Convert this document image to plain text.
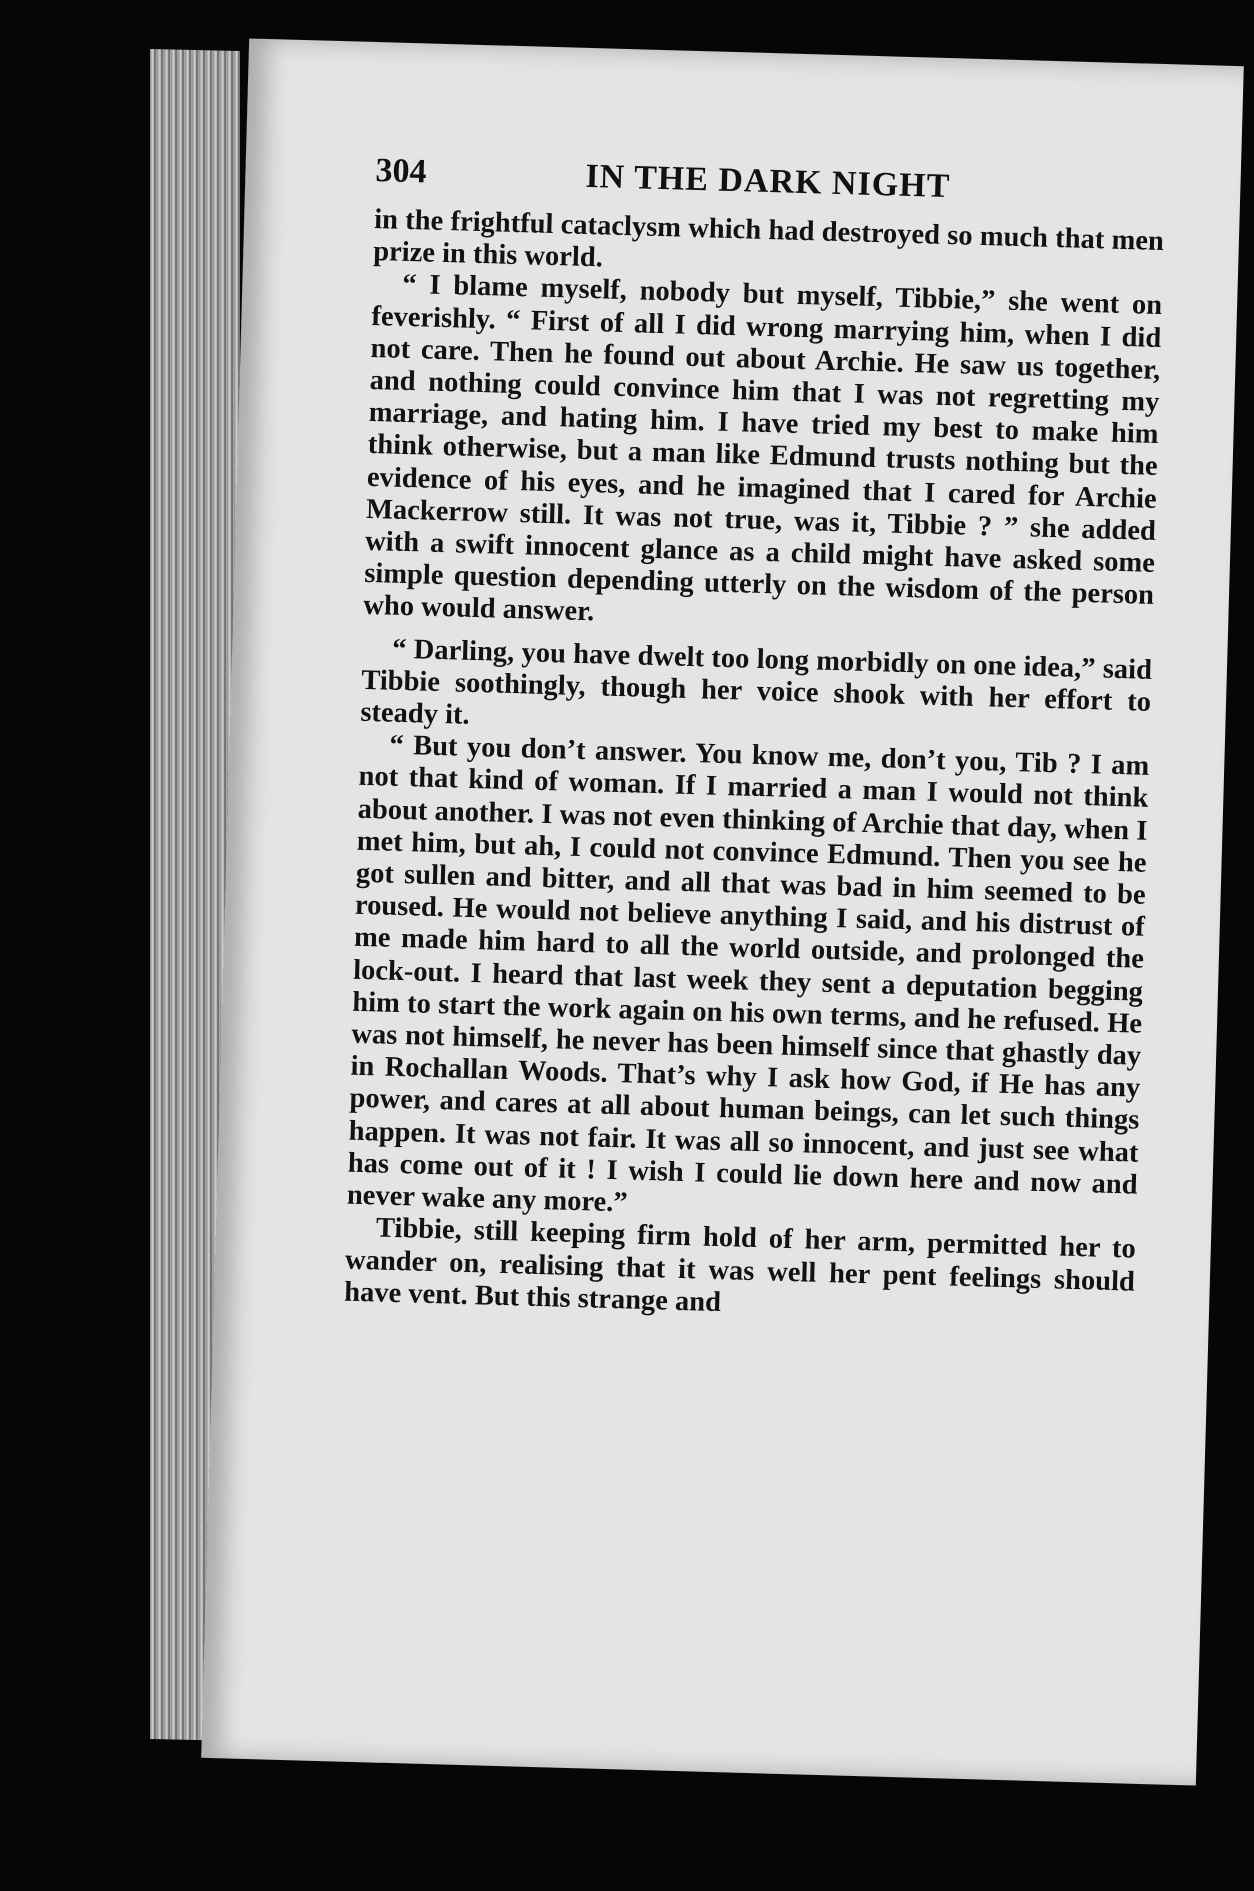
304	IN THE DARK NIGHT

in the frightful cataclysm which had destroyed so much that men prize in this world.

“ I blame myself, nobody but myself, Tibbie,” she went on feverishly. “ First of all I did wrong marrying him, when I did not care. Then he found out about Archie. He saw us together, and nothing could convince him that I was not regretting my marriage, and hating him. I have tried my best to make him think otherwise, but a man like Edmund trusts nothing but the evidence of his eyes, and he imagined that I cared for Archie Mackerrow still. It was not true, was it, Tibbie ? ” she added with a swift innocent glance as a child might have asked some simple question depending utterly on the wisdom of the person who would answer.

“ Darling, you have dwelt too long morbidly on one idea,” said Tibbie soothingly, though her voice shook with her effort to steady it.

“ But you don’t answer. You know me, don’t you, Tib ? I am not that kind of woman. If I married a man I would not think about another. I was not even thinking of Archie that day, when I met him, but ah, I could not convince Edmund. Then you see he got sullen and bitter, and all that was bad in him seemed to be roused. He would not believe anything I said, and his distrust of me made him hard to all the world outside, and prolonged the lock-out. I heard that last week they sent a deputation begging him to start the work again on his own terms, and he refused. He was not himself, he never has been himself since that ghastly day in Rochallan Woods. That’s why I ask how God, if He has any power, and cares at all about human beings, can let such things happen. It was not fair. It was all so innocent, and just see what has come out of it ! I wish I could lie down here and now and never wake any more.”

Tibbie, still keeping firm hold of her arm, permitted her to wander on, realising that it was well her pent feelings should have vent. But this strange and
